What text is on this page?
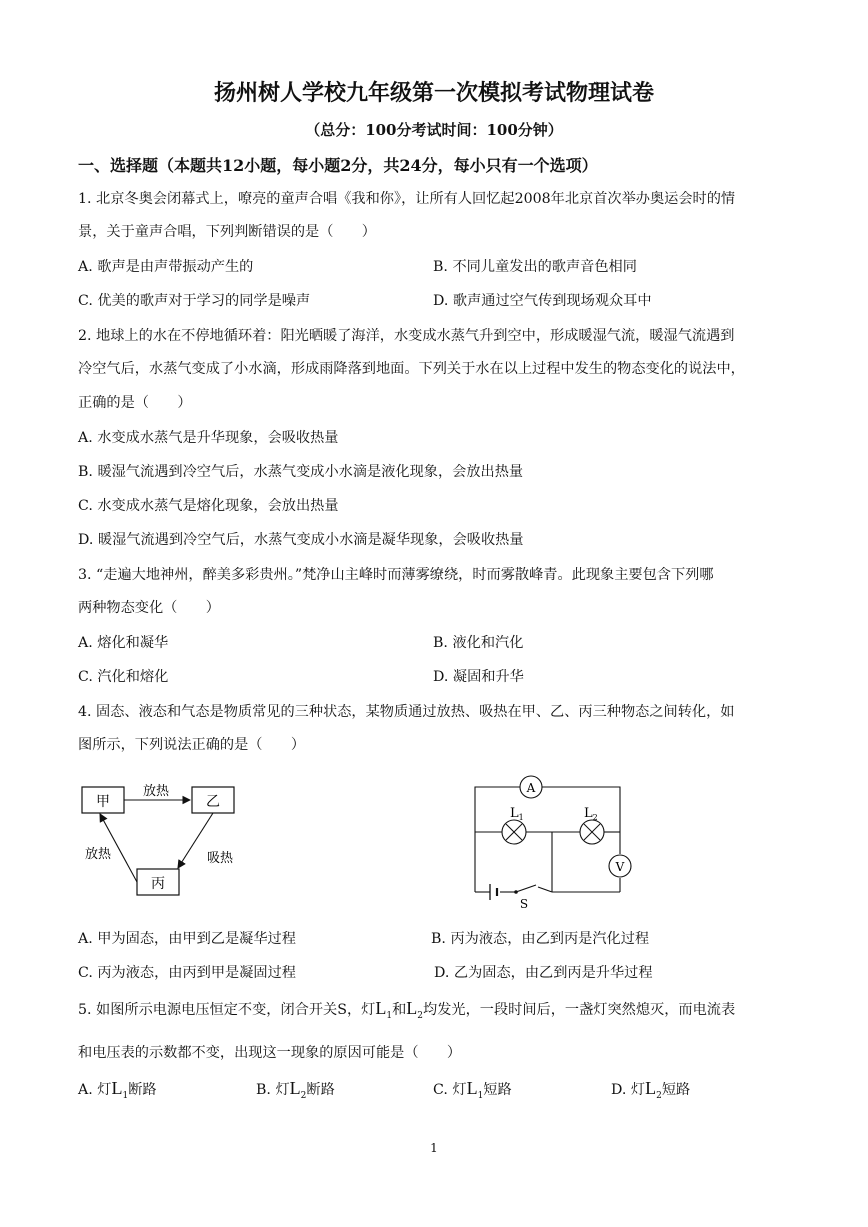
扬州树人学校九年级第一次模拟考试物理试卷
（总分：100分考试时间：100分钟）
一、选择题（本题共12小题，每小题2分，共24分，每小只有一个选项）
1. 北京冬奥会闭幕式上，嘹亮的童声合唱《我和你》，让所有人回忆起2008年北京首次举办奥运会时的情
景，关于童声合唱，下列判断错误的是（　　）
A. 歌声是由声带振动产生的	B. 不同儿童发出的歌声音色相同
C. 优美的歌声对于学习的同学是噪声	D. 歌声通过空气传到现场观众耳中
2. 地球上的水在不停地循环着：阳光晒暖了海洋，水变成水蒸气升到空中，形成暖湿气流，暖湿气流遇到
冷空气后，水蒸气变成了小水滴，形成雨降落到地面。下列关于水在以上过程中发生的物态变化的说法中，
正确的是（　　）
A. 水变成水蒸气是升华现象，会吸收热量
B. 暖湿气流遇到冷空气后，水蒸气变成小水滴是液化现象，会放出热量
C. 水变成水蒸气是熔化现象，会放出热量
D. 暖湿气流遇到冷空气后，水蒸气变成小水滴是凝华现象，会吸收热量
3. “走遍大地神州，醉美多彩贵州。”梵净山主峰时而薄雾缭绕，时而雾散峰青。此现象主要包含下列哪
两种物态变化（　　）
A. 熔化和凝华	B. 液化和汽化
C. 汽化和熔化	D. 凝固和升华
4. 固态、液态和气态是物质常见的三种状态，某物质通过放热、吸热在甲、乙、丙三种物态之间转化，如
图所示，下列说法正确的是（　　）
甲	乙
丙
放热
吸热
放热
S
A
$L_1$	$L_2$
V
A. 甲为固态，由甲到乙是凝华过程	B. 丙为液态，由乙到丙是汽化过程
C. 丙为液态，由丙到甲是凝固过程	D. 乙为固态，由乙到丙是升华过程
5. 如图所示电源电压恒定不变，闭合开关S，灯$L_1$和$L_2$均发光，一段时间后，一盏灯突然熄灭，而电流表
和电压表的示数都不变，出现这一现象的原因可能是（　　）
A. 灯$L_1$断路	B. 灯$L_2$断路	C. 灯$L_1$短路	D. 灯$L_2$短路
1
